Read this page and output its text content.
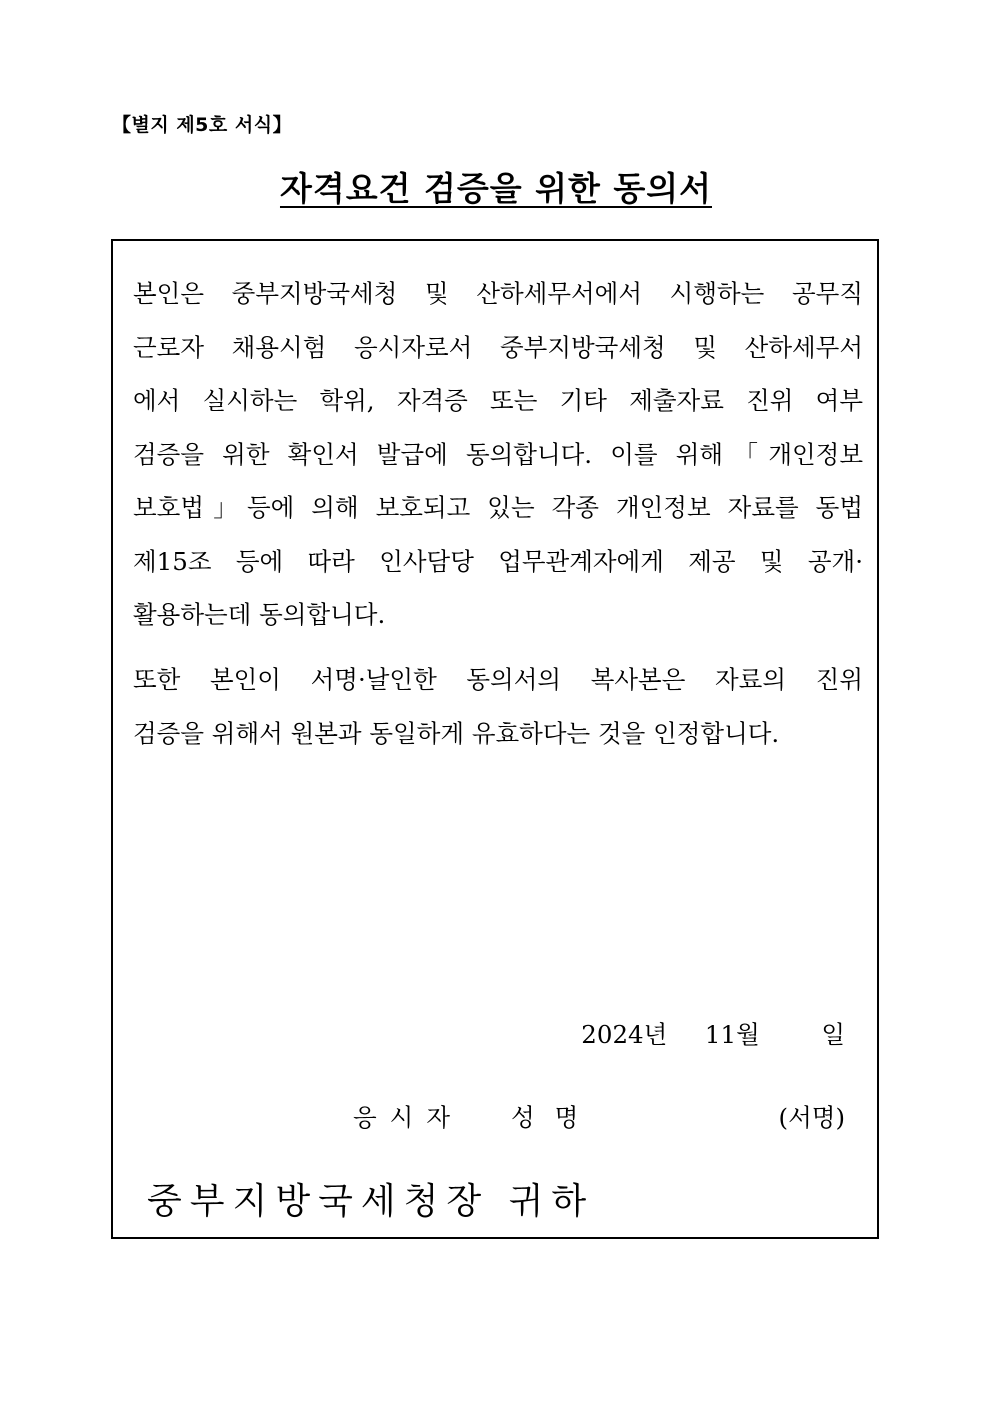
【별지 제5호 서식】
자격요건 검증을 위한 동의서
본인은 중부지방국세청 및 산하세무서에서 시행하는 공무직
근로자 채용시험 응시자로서 중부지방국세청 및 산하세무서
에서 실시하는 학위, 자격증 또는 기타 제출자료 진위 여부
검증을 위한 확인서 발급에 동의합니다. 이를 위해「개인정보
보호법」등에 의해 보호되고 있는 각종 개인정보 자료를 동법
제15조 등에 따라 인사담당 업무관계자에게 제공 및 공개·
활용하는데 동의합니다.
또한 본인이 서명·날인한 동의서의 복사본은 자료의 진위
검증을 위해서 원본과 동일하게 유효하다는 것을 인정합니다.
2024년 11월	일
응시자 성명	(서명)
중부지방국세청장 귀하
